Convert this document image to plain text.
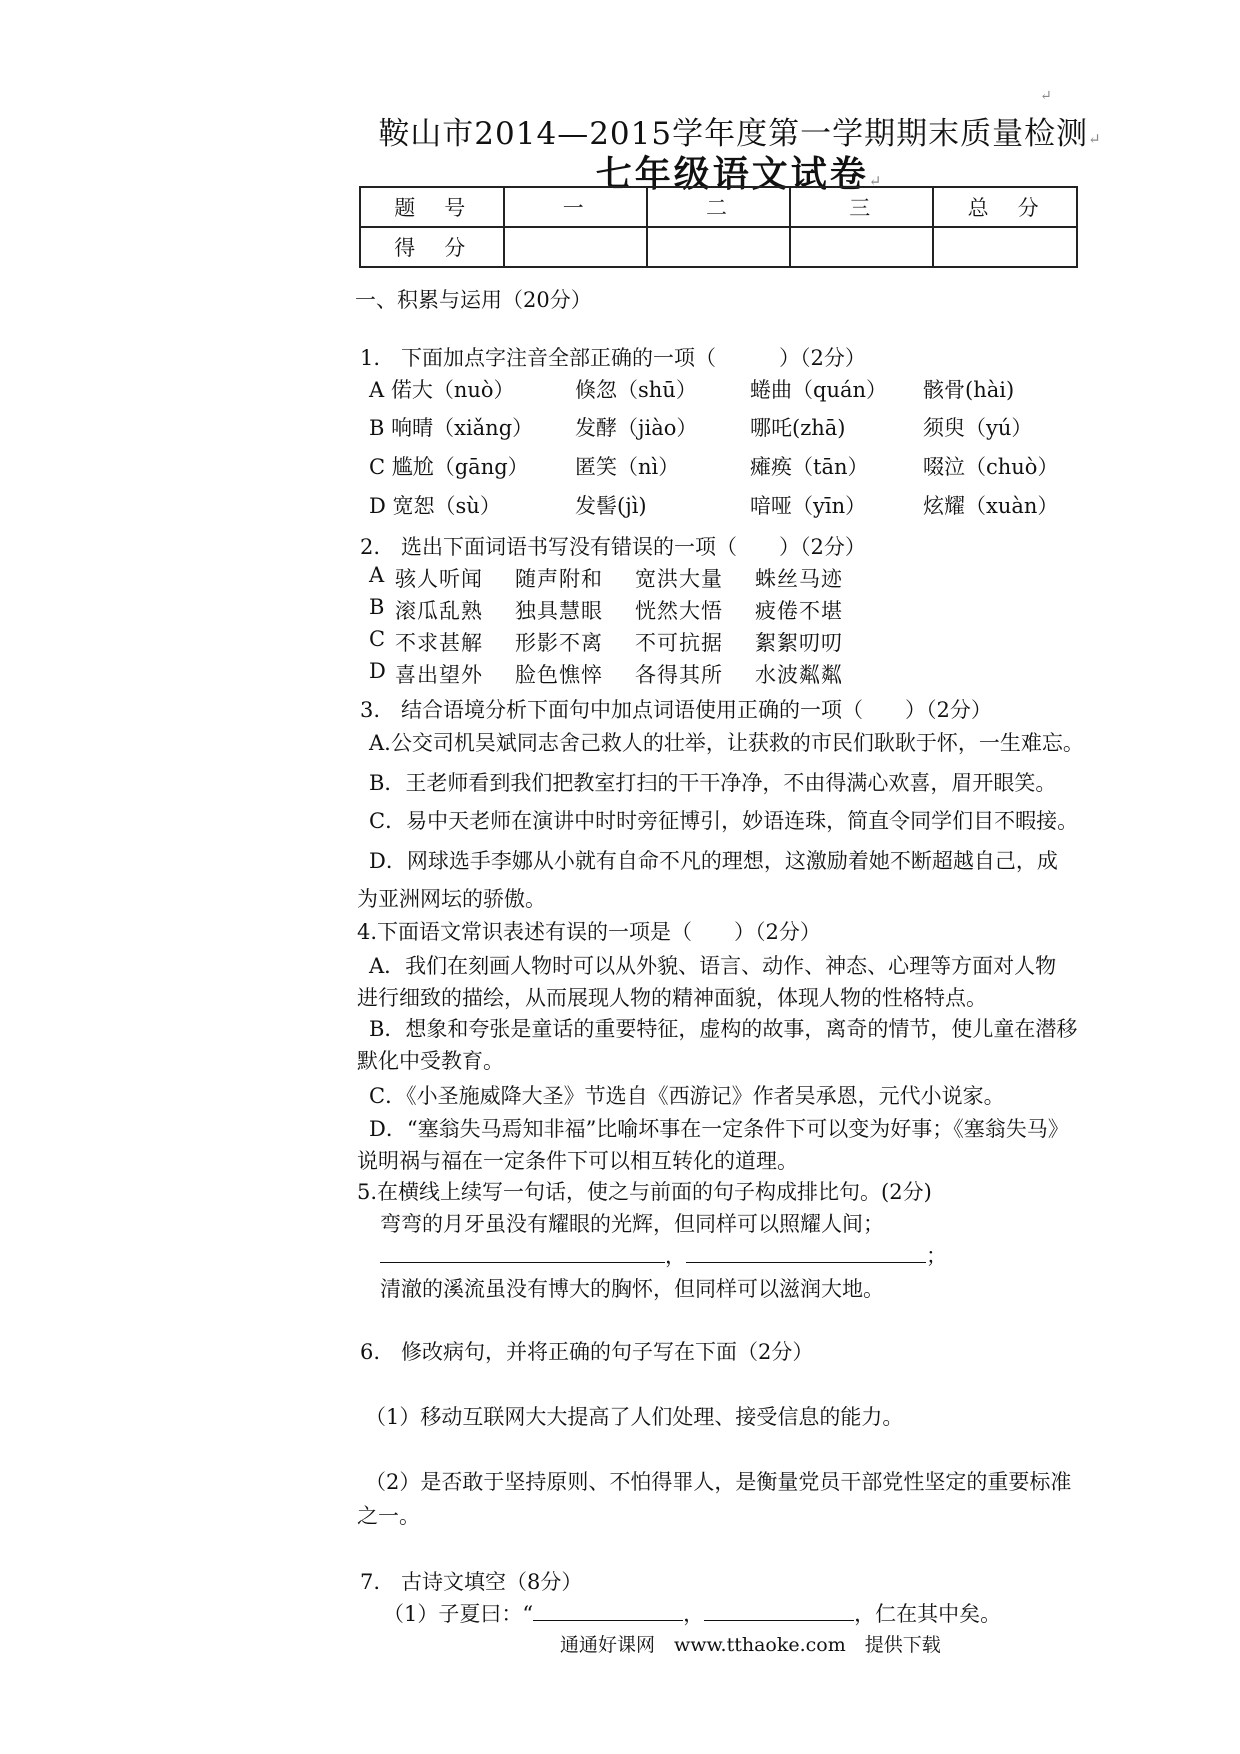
↵
鞍山市2014—2015学年度第一学期期末质量检测↵
七年级语文试卷↵
题　号	一	二	三	总　分
得　分				
一、积累与运用（20分）
1.　下面加点字注音全部正确的一项（　　　）（2分）
A 偌大（nuò）	倏忽（shū）	蜷曲（quán） 骸骨(hài)
B 响晴（xiǎng） 发酵（jiào）	哪吒(zhā)	须臾（yú）
C 尴尬（gāng） 匿笑（nì）	瘫痪（tān）	啜泣（chuò）
D 宽恕（sù）	发髻(jì)	喑哑（yīn）	炫耀（xuàn）
2.　选出下面词语书写没有错误的一项（　　）（2分）
A 骇人听闻 随声附和 宽洪大量 蛛丝马迹
B 滚瓜乱熟 独具慧眼 恍然大悟 疲倦不堪
C 不求甚解 形影不离 不可抗据 絮絮叨叨
D 喜出望外 脸色憔悴 各得其所 水波粼粼
3.　结合语境分析下面句中加点词语使用正确的一项（　　）（2分）
A.公交司机吴斌同志舍己救人的壮举，让获救的市民们耿耿于怀，一生难忘。
B．王老师看到我们把教室打扫的干干净净，不由得满心欢喜，眉开眼笑。
C．易中天老师在演讲中时时旁征博引，妙语连珠，简直令同学们目不暇接。
D．网球选手李娜从小就有自命不凡的理想，这激励着她不断超越自己，成
为亚洲网坛的骄傲。
4.下面语文常识表述有误的一项是（　　）（2分）
A．我们在刻画人物时可以从外貌、语言、动作、神态、心理等方面对人物
进行细致的描绘，从而展现人物的精神面貌，体现人物的性格特点。
B．想象和夸张是童话的重要特征，虚构的故事，离奇的情节，使儿童在潜移
默化中受教育。
C．《小圣施威降大圣》节选自《西游记》作者吴承恩，元代小说家。
D．“塞翁失马焉知非福”比喻坏事在一定条件下可以变为好事；《塞翁失马》
说明祸与福在一定条件下可以相互转化的道理。
5.在横线上续写一句话，使之与前面的句子构成排比句。(2分)
弯弯的月牙虽没有耀眼的光辉，但同样可以照耀人间；
，	；
清澈的溪流虽没有博大的胸怀，但同样可以滋润大地。
6.　修改病句，并将正确的句子写在下面（2分）
（1）移动互联网大大提高了人们处理、接受信息的能力。
（2）是否敢于坚持原则、不怕得罪人，是衡量党员干部党性坚定的重要标准
之一。
7.　古诗文填空（8分）
（1）子夏曰：“	，	，仁在其中矣。
通通好课网　www.tthaoke.com　提供下载
